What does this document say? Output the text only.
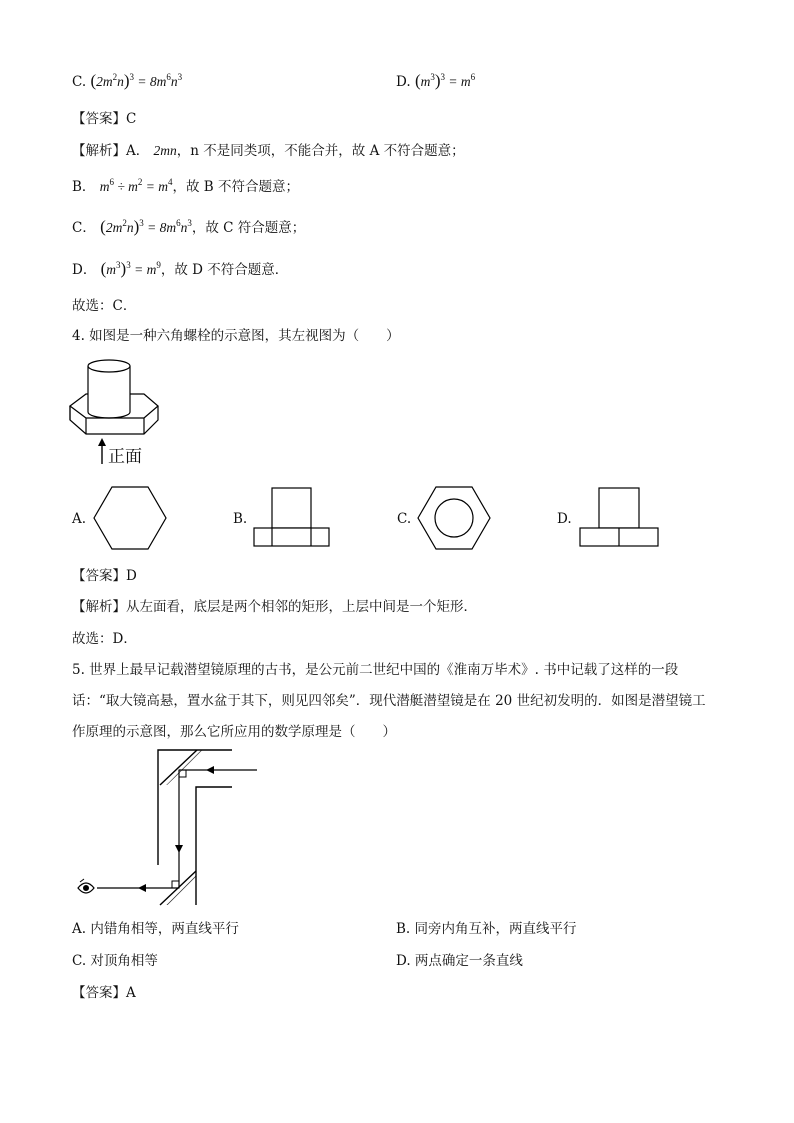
C. $(2m^2n)^3 = 8m^6n^3$	D. $(m^3)^3 = m^6$
【答案】C
【解析】A． 2mn，n 不是同类项，不能合并，故 A 不符合题意；
B． $m^6 \div m^2 = m^4$，故 B 不符合题意；
C． $(2m^2n)^3 = 8m^6n^3$，故 C 符合题意；
D． $(m^3)^3 = m^9$，故 D 不符合题意．
故选：C．
4. 如图是一种六角螺栓的示意图，其左视图为（　　）
正面
A.	B.	C.	D.
【答案】D
【解析】从左面看，底层是两个相邻的矩形，上层中间是一个矩形．
故选：D．
5. 世界上最早记载潜望镜原理的古书，是公元前二世纪中国的《淮南万毕术》. 书中记载了这样的一段
话：“取大镜高悬，置水盆于其下，则见四邻矣”．现代潜艇潜望镜是在 20 世纪初发明的．如图是潜望镜工
作原理的示意图，那么它所应用的数学原理是（　　）
A. 内错角相等，两直线平行	B. 同旁内角互补，两直线平行
C. 对顶角相等	D. 两点确定一条直线
【答案】A
